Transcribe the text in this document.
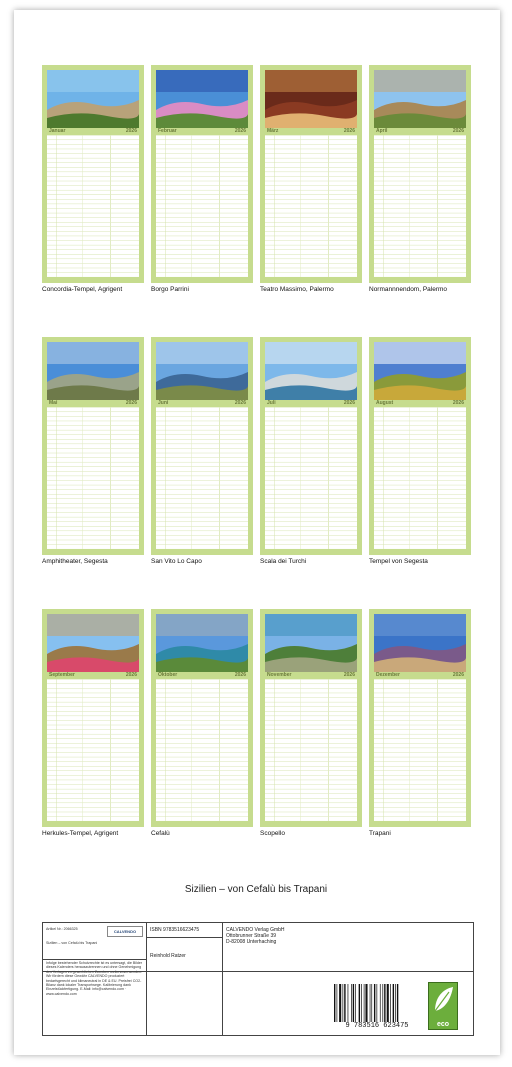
Januar	2026
Concordia-Tempel, Agrigent
Februar	2026
Borgo Parrini
März	2026
Teatro Massimo, Palermo
April	2026
Normannnendom, Palermo
Mai	2026
Amphitheater, Segesta
Juni	2026
San Vito Lo Capo
Juli	2026
Scala dei Turchi
August	2026
Tempel von Segesta
September	2026
Herkules-Tempel, Agrigent
Oktober	2026
Cefalù
November	2026
Scopello
Dezember	2026
Trapani
Sizilien – von Cefalù bis Trapani
Artikel Nr.: 2066325	CALVENDO
Sizilien – von Cefalù bis Trapani
Infolge bestehender Schutzrechte ist es untersagt, die Bilder dieses Kalenders herauszutrennen und ohne Genehmigung des Verlages zu gewerblichen Zwecken weiterzuverwenden. Wir fördern diese Gewähr CALVENDO produziert bedarfsgerecht und klimaneutral in DE & EU. Preisfrei CO2-Bilanz dank lokaler Transportwege. Kalibrierung dank Einzelstückfertigung. E-Mail: info@calvendo.com · www.calvendo.com
ISBN 9783516623475
Reinhold Ratzer
CALVENDO Verlag GmbH
Ottobrunner Straße 39
D-82008 Unterhaching
9 783516 623475	eco
